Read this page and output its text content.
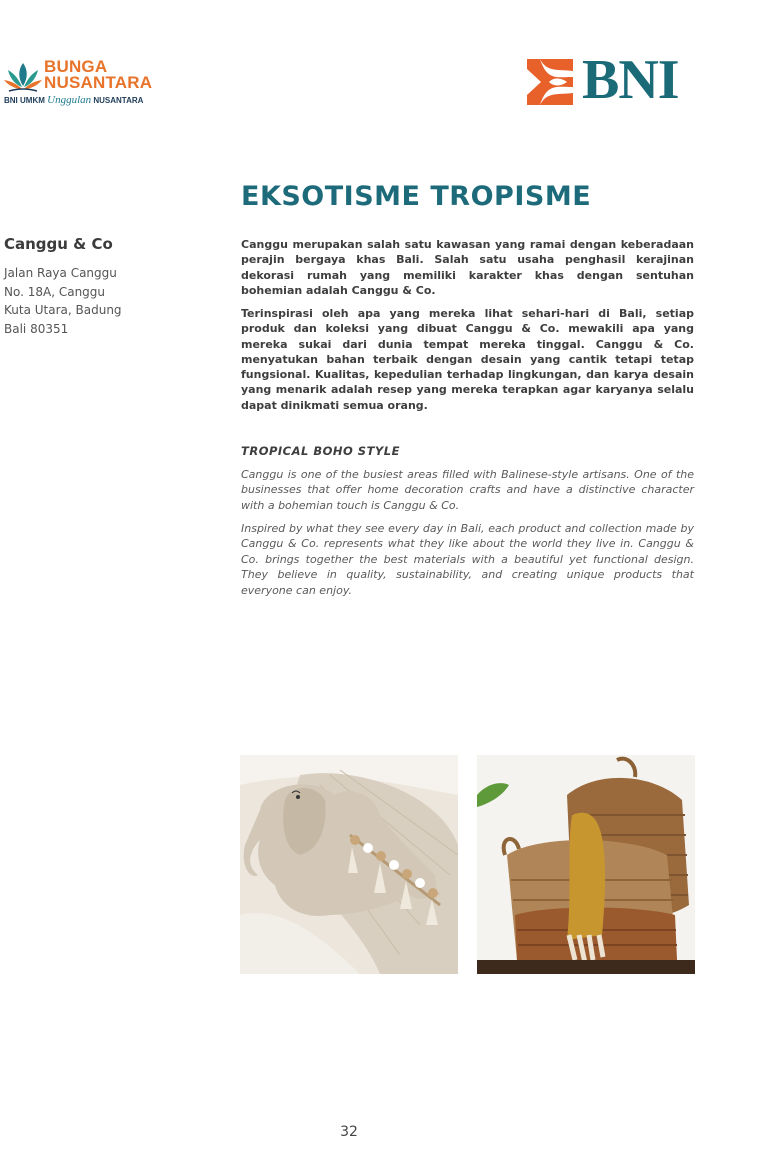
BUNGA
NUSANTARA
BNI UMKM Unggulan NUSANTARA	BNI
EKSOTISME TROPISME
Canggu & Co
Jalan Raya Canggu
No. 18A, Canggu
Kuta Utara, Badung
Bali 80351

Canggu merupakan salah satu kawasan yang ramai dengan keberadaan perajin bergaya khas Bali. Salah satu usaha penghasil kerajinan dekorasi rumah yang memiliki karakter khas dengan sentuhan bohemian adalah Canggu & Co.

Terinspirasi oleh apa yang mereka lihat sehari-hari di Bali, setiap produk dan koleksi yang dibuat Canggu & Co. mewakili apa yang mereka sukai dari dunia tempat mereka tinggal. Canggu & Co. menyatukan bahan terbaik dengan desain yang cantik tetapi tetap fungsional. Kualitas, kepedulian terhadap lingkungan, dan karya desain yang menarik adalah resep yang mereka terapkan agar karyanya selalu dapat dinikmati semua orang.

TROPICAL BOHO STYLE

Canggu is one of the busiest areas filled with Balinese-style artisans. One of the businesses that offer home decoration crafts and have a distinctive character with a bohemian touch is Canggu & Co.

Inspired by what they see every day in Bali, each product and collection made by Canggu & Co. represents what they like about the world they live in. Canggu & Co. brings together the best materials with a beautiful yet functional design. They believe in quality, sustainability, and creating unique products that everyone can enjoy.

32
